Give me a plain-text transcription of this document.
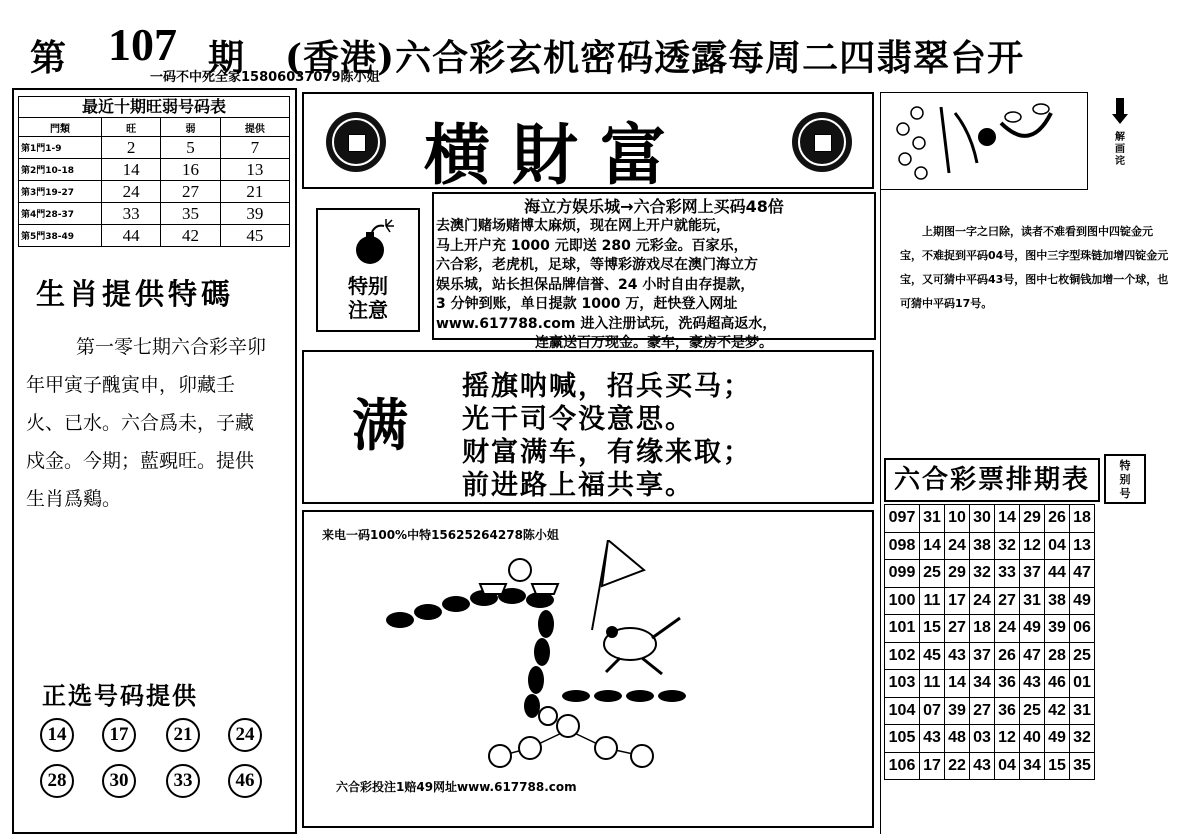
第 107 期 (香港)六合彩玄机密码透露每周二四翡翠台开
一码不中死全家15806037079陈小姐
最近十期旺弱号码表
門類	旺	弱	提供
第1門1-9	2	5	7
第2門10-18	14	16	13
第3門19-27	24	27	21
第4門28-37	33	35	39
第5門38-49	44	42	45
生肖提供特碼
第一零七期六合彩辛卯年甲寅子醜寅申，卯藏壬火、已水。六合爲未，子藏戍金。今期；藍覡旺。提供生肖爲鷄。
正选号码提供
14	17	21	24
28	30	33	46
横財富
特别
注意
海立方娱乐城→六合彩网上买码48倍

去澳门赌场赌博太麻烦，现在网上开户就能玩，

马上开户充 1000 元即送 280 元彩金。百家乐，

六合彩，老虎机，足球，等博彩游戏尽在澳门海立方

娱乐城，站长担保品牌信誉、24 小时自由存提款，

3 分钟到账，单日提款 1000 万，赶快登入网址

www.617788.com 进入注册试玩，洗码超高返水，

连赢送百万现金。豪车，豪房不是梦。

满
摇旗呐喊，招兵买马；
光干司令没意思。
财富满车，有缘来取；
前进路上福共享。
来电一码100%中特15625264278陈小姐
六合彩投注1赔49网址www.617788.com
解
画
诧
上期图一字之曰除，读者不难看到图中四锭金元宝，不难捉到平码04号，图中三字型珠链加增四锭金元宝，又可猜中平码43号，图中七枚铜钱加增一个球，也可猜中平码17号。
六合彩票排期表	特
别
号
097	31	10	30	14	29	26	18
098	14	24	38	32	12	04	13
099	25	29	32	33	37	44	47
100	11	17	24	27	31	38	49
101	15	27	18	24	49	39	06
102	45	43	37	26	47	28	25
103	11	14	34	36	43	46	01
104	07	39	27	36	25	42	31
105	43	48	03	12	40	49	32
106	17	22	43	04	34	15	35
